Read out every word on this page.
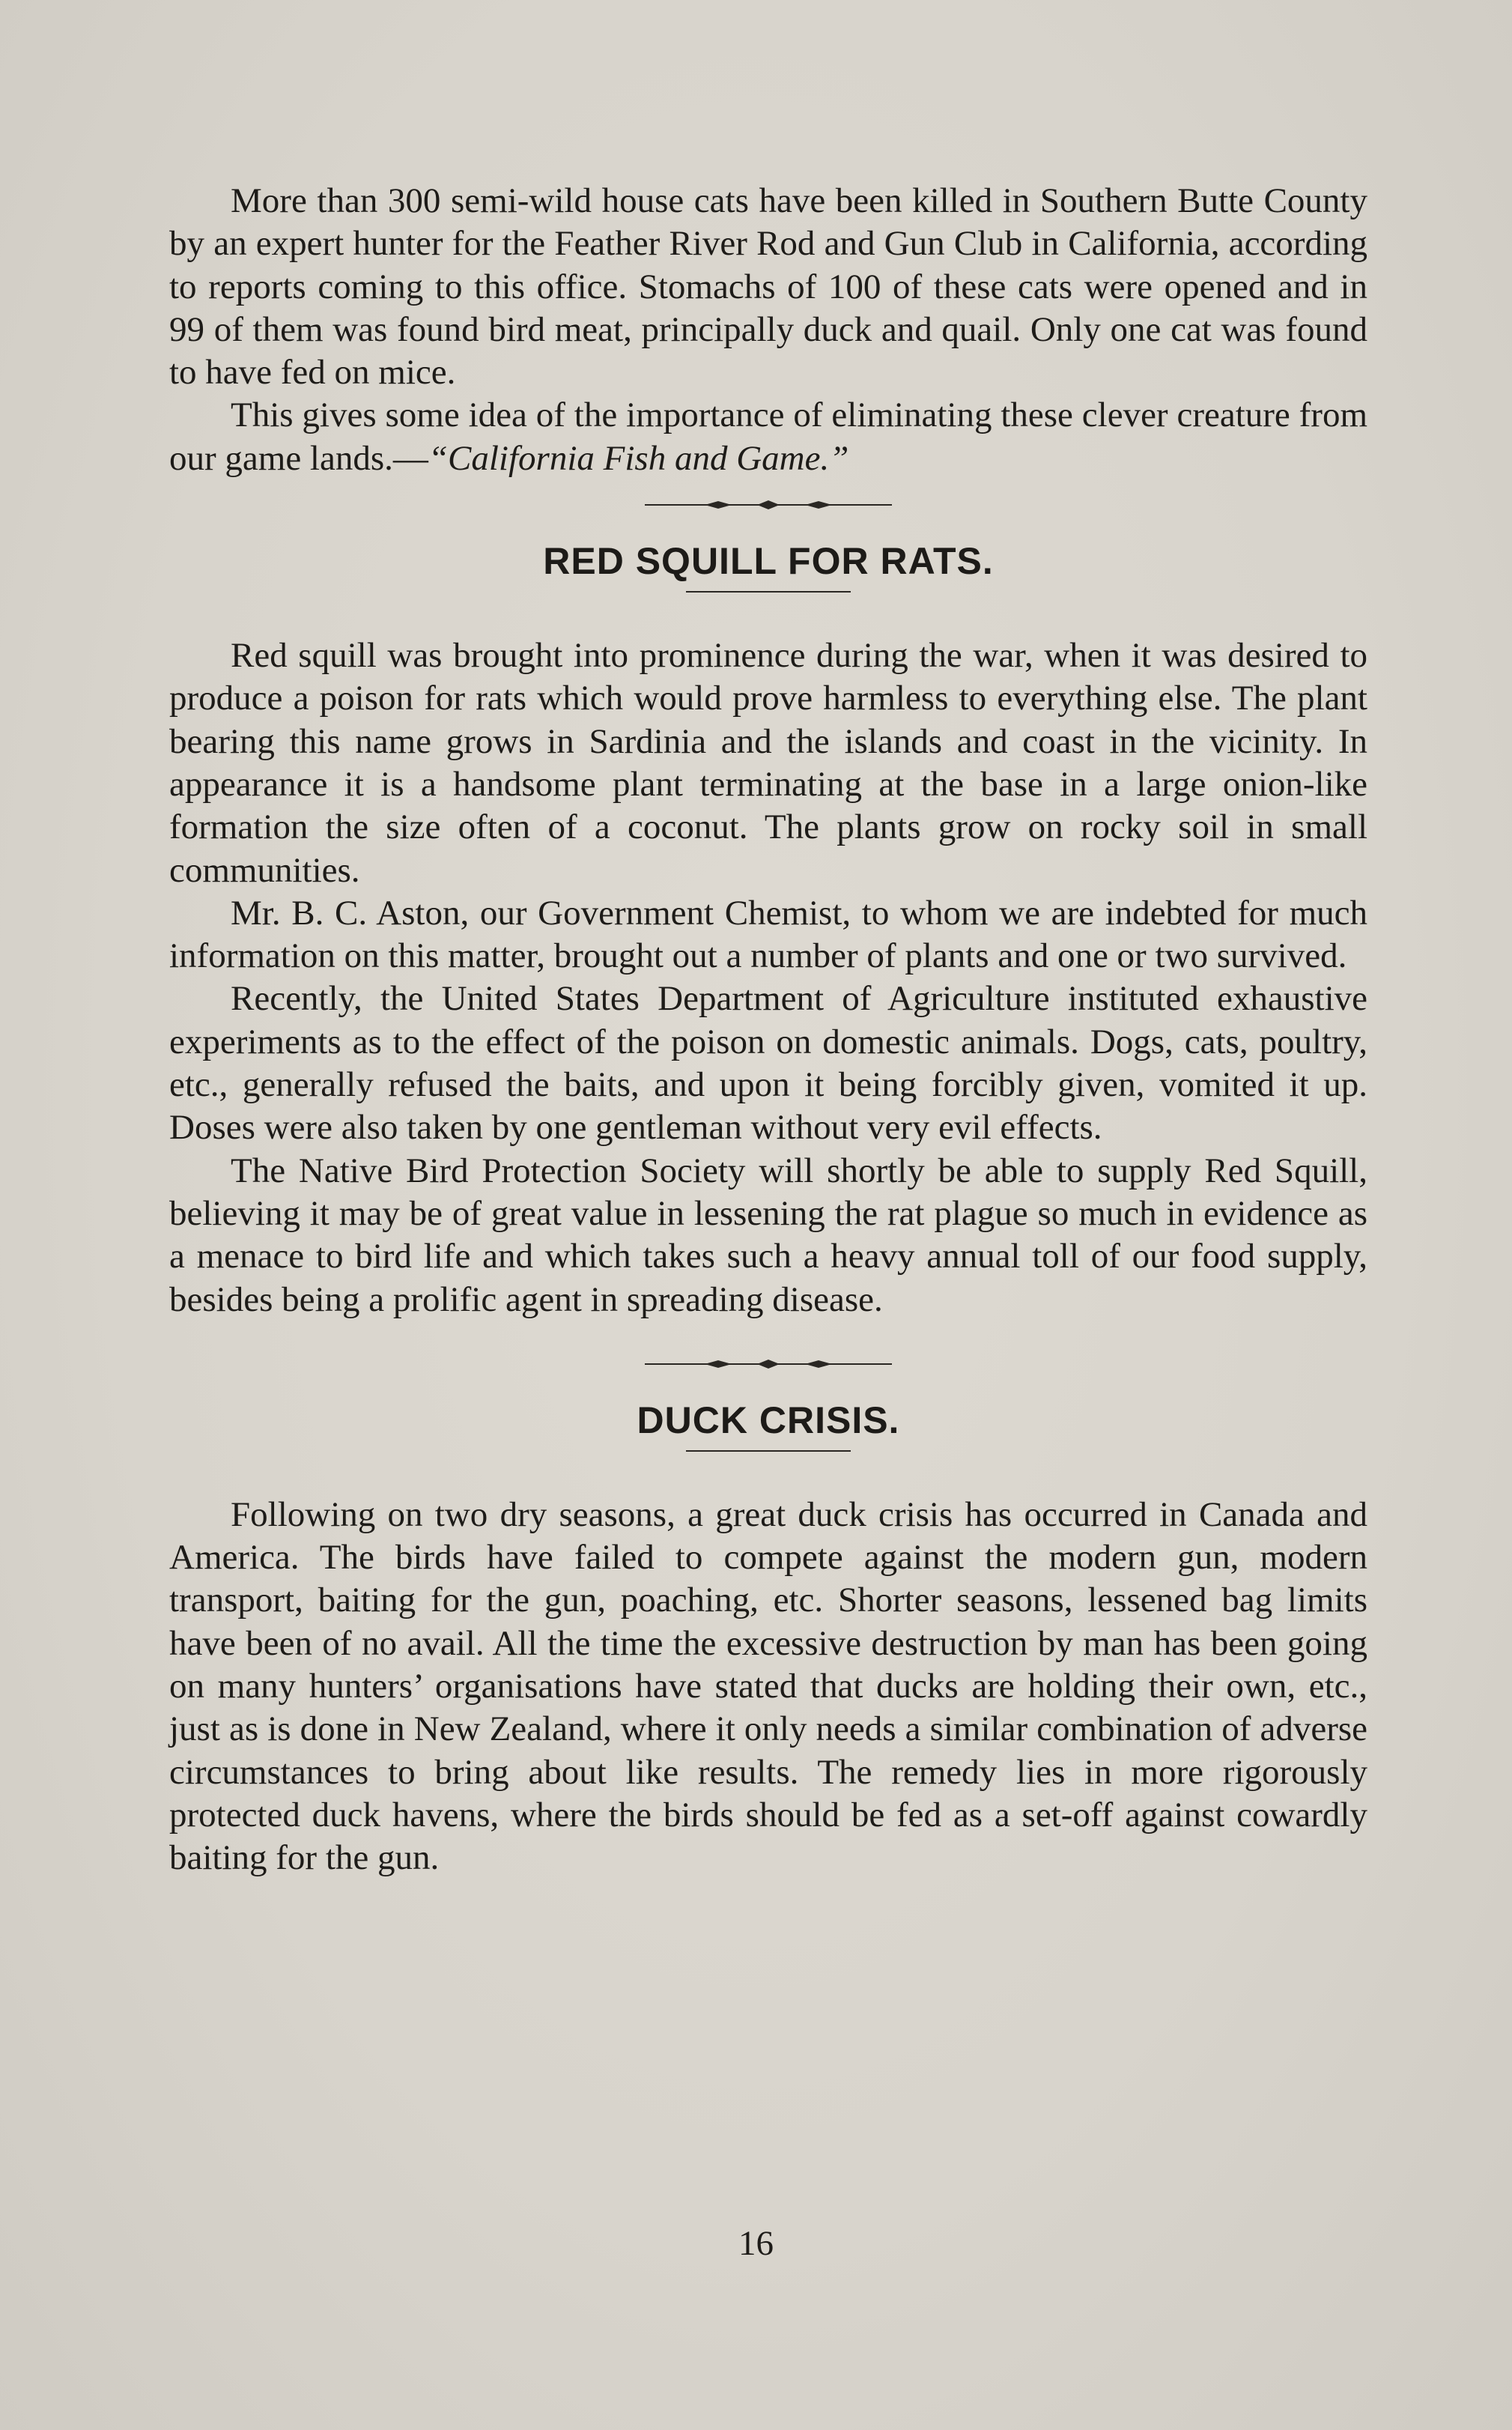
More than 300 semi-wild house cats have been killed in Southern Butte County by an expert hunter for the Feather River Rod and Gun Club in California, according to reports coming to this office. Stomachs of 100 of these cats were opened and in 99 of them was found bird meat, principally duck and quail. Only one cat was found to have fed on mice.

This gives some idea of the importance of eliminating these clever creature from our game lands.—“California Fish and Game.”

RED SQUILL FOR RATS.

Red squill was brought into prominence during the war, when it was desired to produce a poison for rats which would prove harmless to everything else. The plant bearing this name grows in Sardinia and the islands and coast in the vicinity. In appearance it is a handsome plant terminating at the base in a large onion-like formation the size often of a coconut. The plants grow on rocky soil in small communities.

Mr. B. C. Aston, our Government Chemist, to whom we are indebted for much information on this matter, brought out a number of plants and one or two survived.

Recently, the United States Department of Agriculture instituted exhaustive experiments as to the effect of the poison on domestic animals. Dogs, cats, poultry, etc., generally refused the baits, and upon it being forcibly given, vomited it up. Doses were also taken by one gentleman without very evil effects.

The Native Bird Protection Society will shortly be able to supply Red Squill, believing it may be of great value in lessening the rat plague so much in evidence as a menace to bird life and which takes such a heavy annual toll of our food supply, besides being a prolific agent in spreading disease.

DUCK CRISIS.

Following on two dry seasons, a great duck crisis has occurred in Canada and America. The birds have failed to compete against the modern gun, modern transport, baiting for the gun, poaching, etc. Shorter seasons, lessened bag limits have been of no avail. All the time the excessive destruction by man has been going on many hunters’ organisations have stated that ducks are holding their own, etc., just as is done in New Zealand, where it only needs a similar combination of adverse circumstances to bring about like results. The remedy lies in more rigorously protected duck havens, where the birds should be fed as a set-off against cowardly baiting for the gun.

16
